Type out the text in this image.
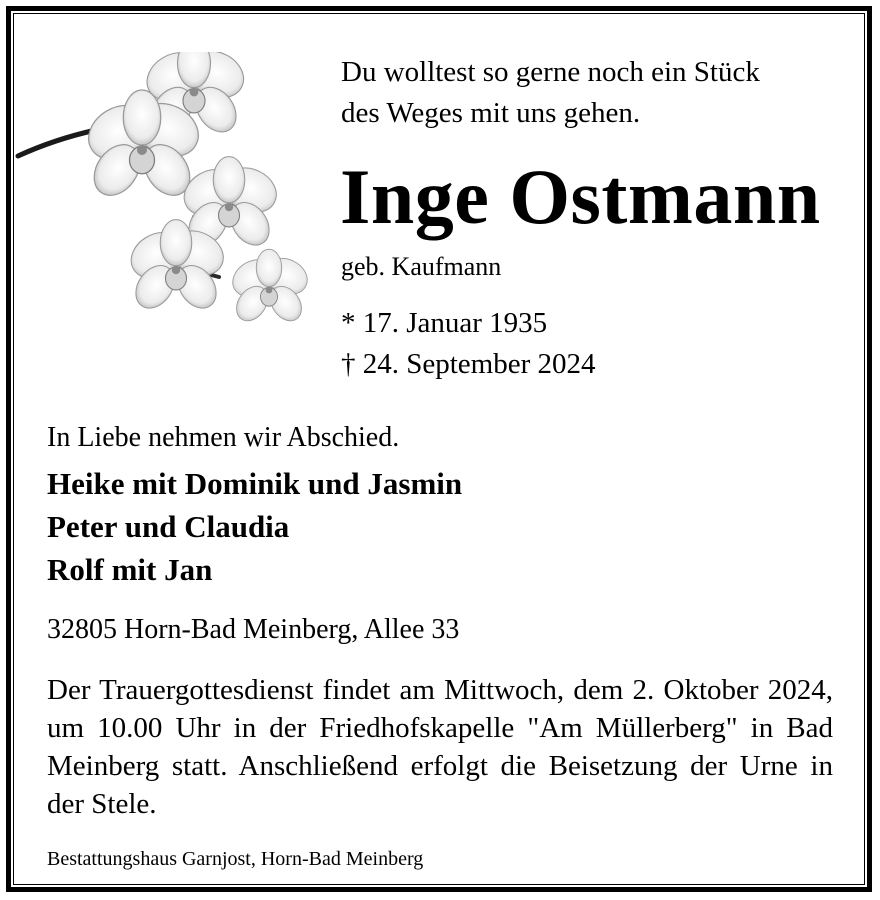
Du wolltest so gerne noch ein Stück
des Weges mit uns gehen.
Inge Ostmann
geb. Kaufmann
* 17. Januar 1935
† 24. September 2024
In Liebe nehmen wir Abschied.
Heike mit Dominik und Jasmin
Peter und Claudia
Rolf mit Jan
32805 Horn-Bad Meinberg, Allee 33
Der Trauergottesdienst findet am Mittwoch, dem 2. Oktober 2024, um 10.00 Uhr in der Friedhofskapelle "Am Müllerberg" in Bad Meinberg statt. Anschließend erfolgt die Beisetzung der Urne in der Stele.
Bestattungshaus Garnjost, Horn-Bad Meinberg
